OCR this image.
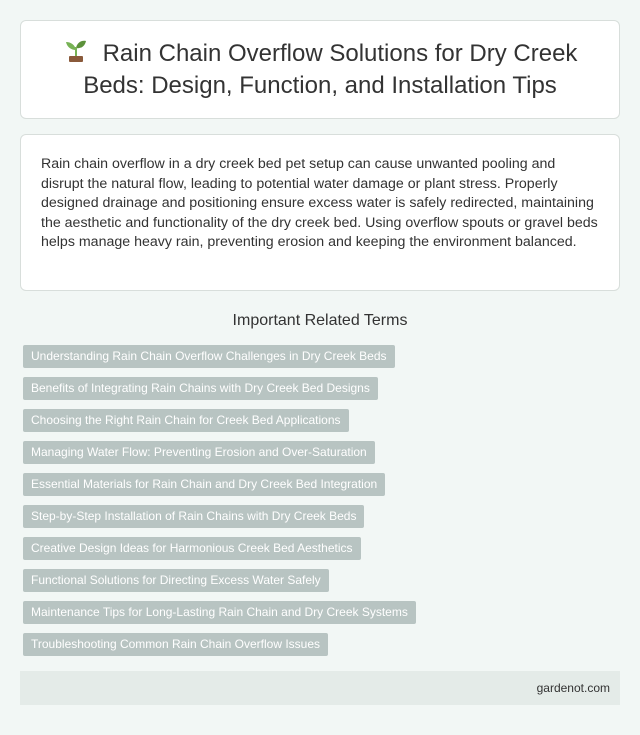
Rain Chain Overflow Solutions for Dry Creek Beds: Design, Function, and Installation Tips

Rain chain overflow in a dry creek bed pet setup can cause unwanted pooling and disrupt the natural flow, leading to potential water damage or plant stress. Properly designed drainage and positioning ensure excess water is safely redirected, maintaining the aesthetic and functionality of the dry creek bed. Using overflow spouts or gravel beds helps manage heavy rain, preventing erosion and keeping the environment balanced.

Important Related Terms
Understanding Rain Chain Overflow Challenges in Dry Creek Beds
Benefits of Integrating Rain Chains with Dry Creek Bed Designs
Choosing the Right Rain Chain for Creek Bed Applications
Managing Water Flow: Preventing Erosion and Over-Saturation
Essential Materials for Rain Chain and Dry Creek Bed Integration
Step-by-Step Installation of Rain Chains with Dry Creek Beds
Creative Design Ideas for Harmonious Creek Bed Aesthetics
Functional Solutions for Directing Excess Water Safely
Maintenance Tips for Long-Lasting Rain Chain and Dry Creek Systems
Troubleshooting Common Rain Chain Overflow Issues
gardenot.com
